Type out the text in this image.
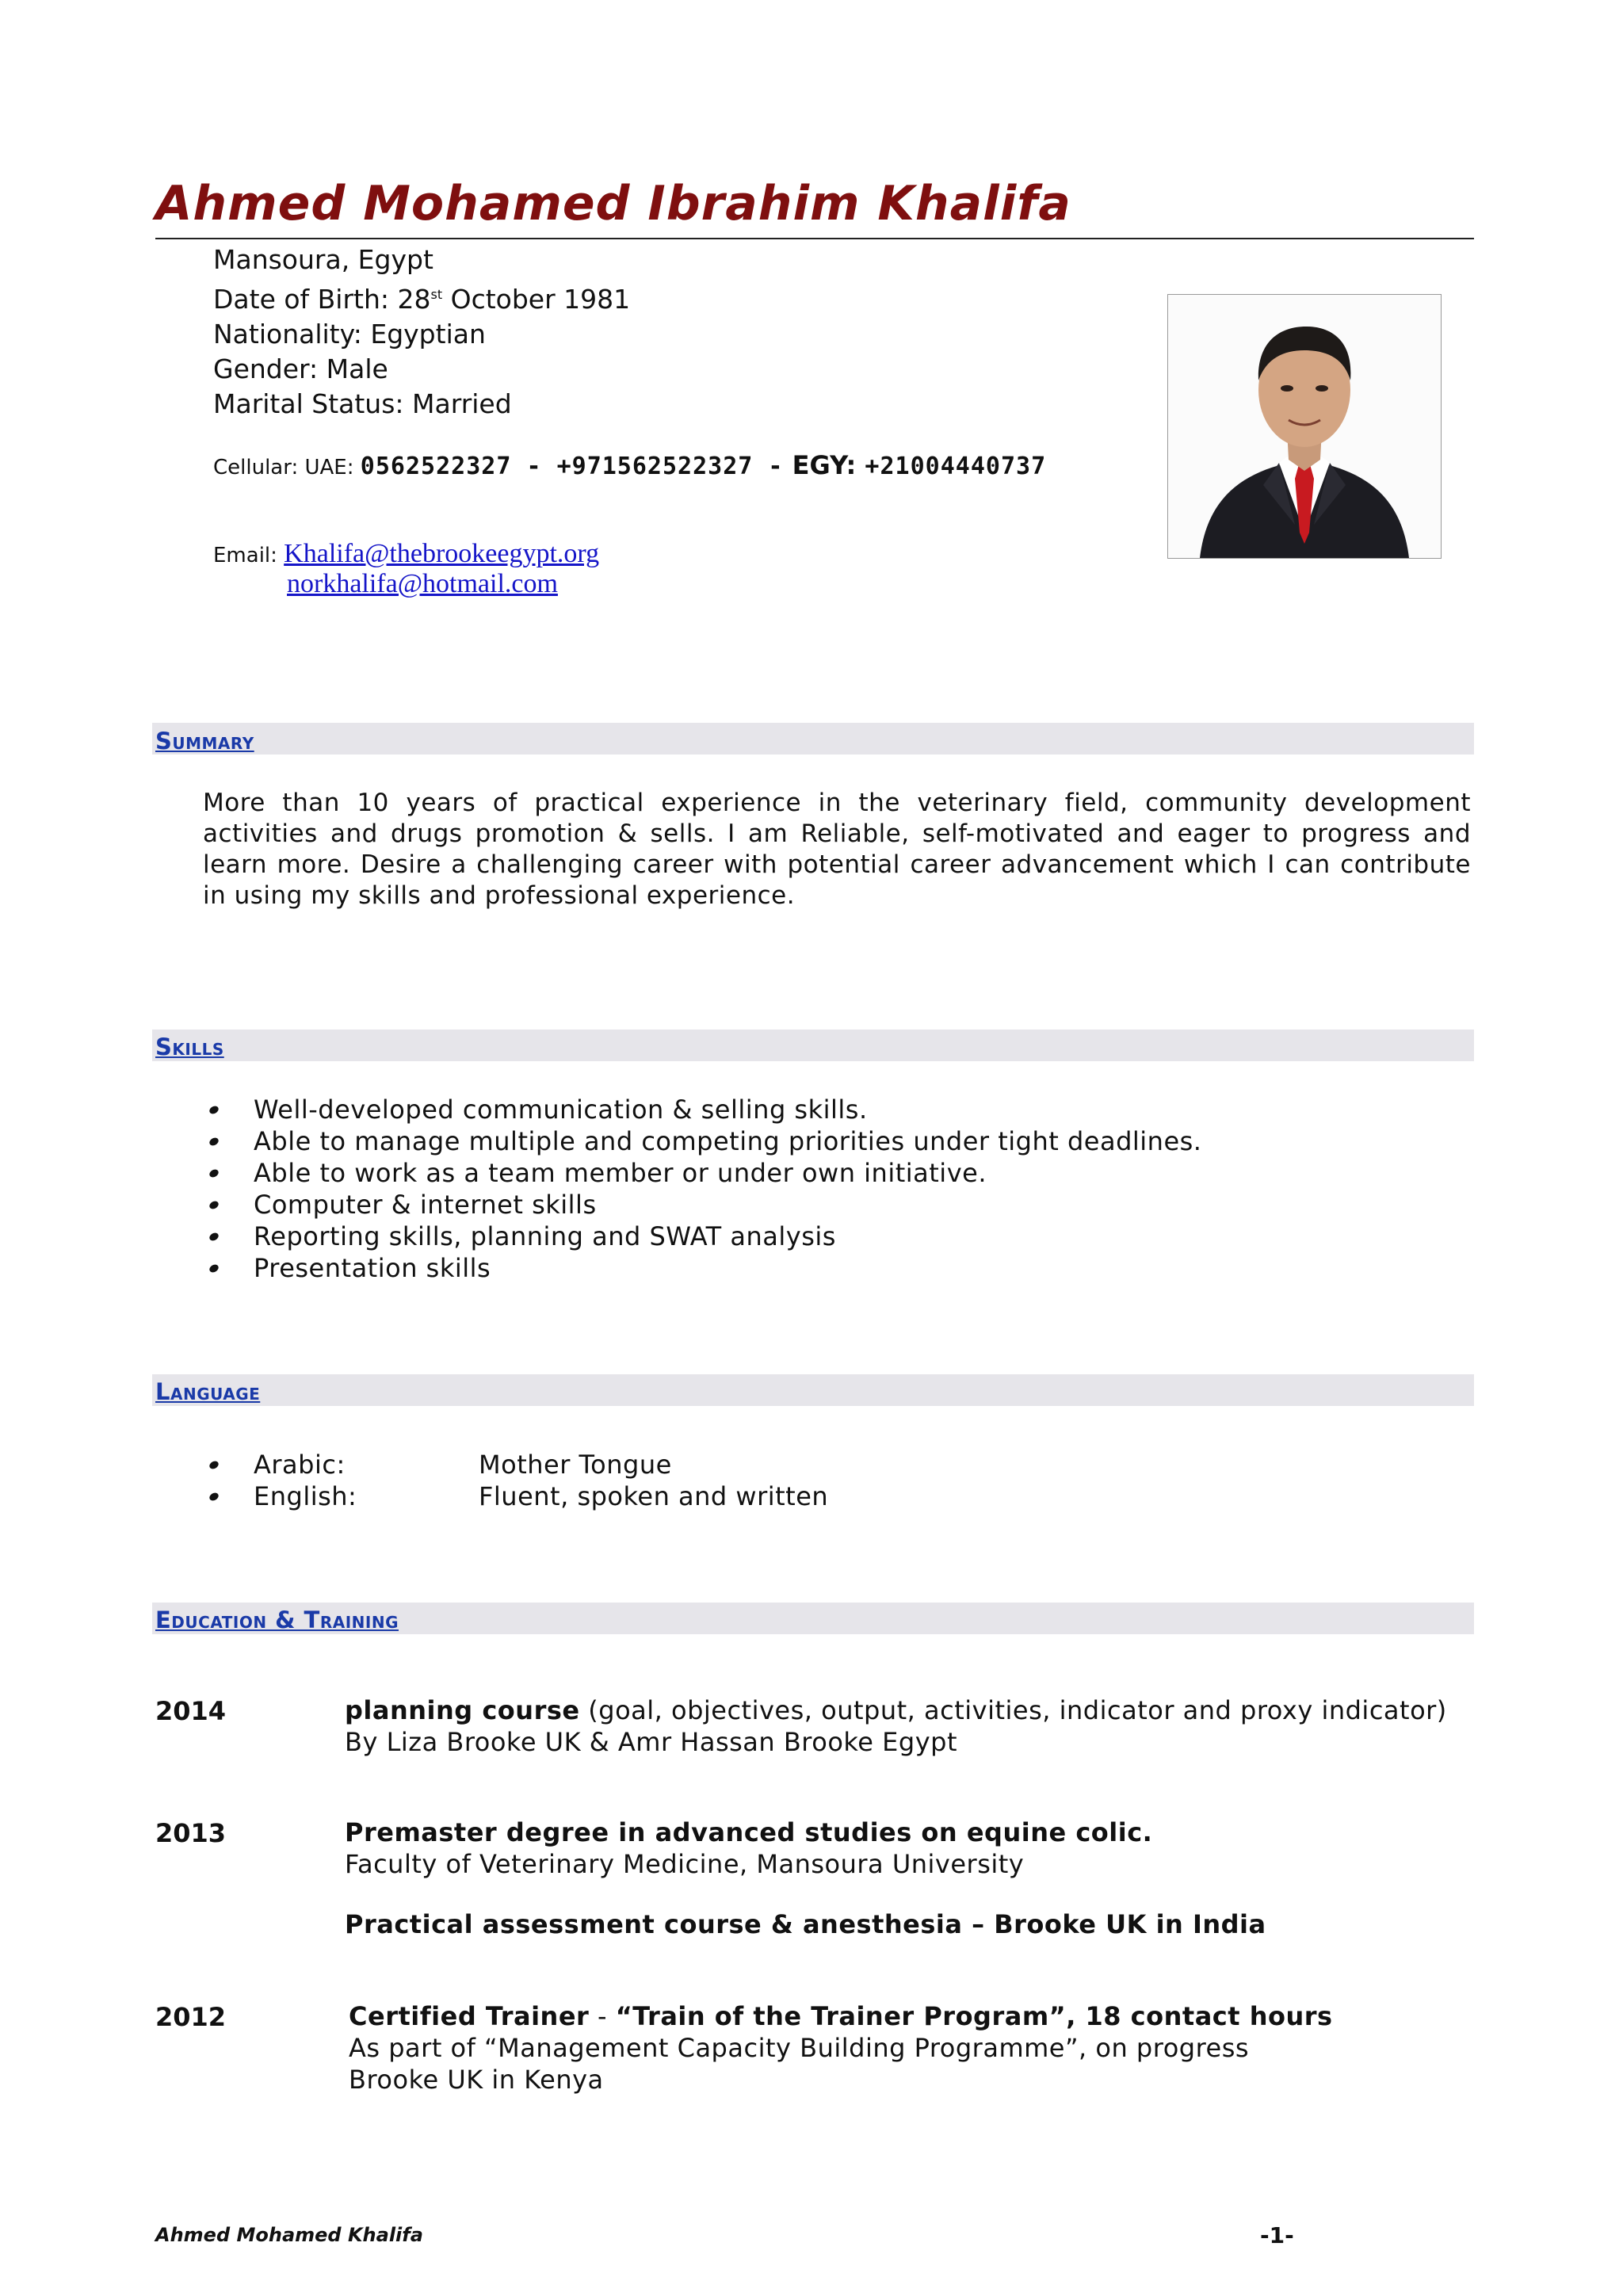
Ahmed Mohamed Ibrahim Khalifa
Mansoura, Egypt
Date of Birth: 28st October 1981
Nationality: Egyptian
Gender: Male
Marital Status: Married
Cellular: UAE: 0562522327 - +971562522327 - EGY: +21004440737
Email: Khalifa@thebrookeegypt.org
norkhalifa@hotmail.com
Summary
More than 10 years of practical experience in the veterinary field, community development activities and drugs promotion & sells. I am Reliable, self-motivated and eager to progress and learn more. Desire a challenging career with potential career advancement which I can contribute in using my skills and professional experience.
Skills
Well-developed communication & selling skills.
Able to manage multiple and competing priorities under tight deadlines.
Able to work as a team member or under own initiative.
Computer & internet skills
Reporting skills, planning and SWAT analysis
Presentation skills
Language
Arabic:	Mother Tongue
English:	Fluent, spoken and written
Education & Training
2014	planning course (goal, objectives, output, activities, indicator and proxy indicator)
By Liza Brooke UK & Amr Hassan Brooke Egypt
2013	Premaster degree in advanced studies on equine colic.
Faculty of Veterinary Medicine, Mansoura University
Practical assessment course & anesthesia – Brooke UK in India
2012	Certified Trainer - “Train of the Trainer Program”, 18 contact hours
As part of “Management Capacity Building Programme”, on progress
Brooke UK in Kenya
Ahmed Mohamed Khalifa	-1-
